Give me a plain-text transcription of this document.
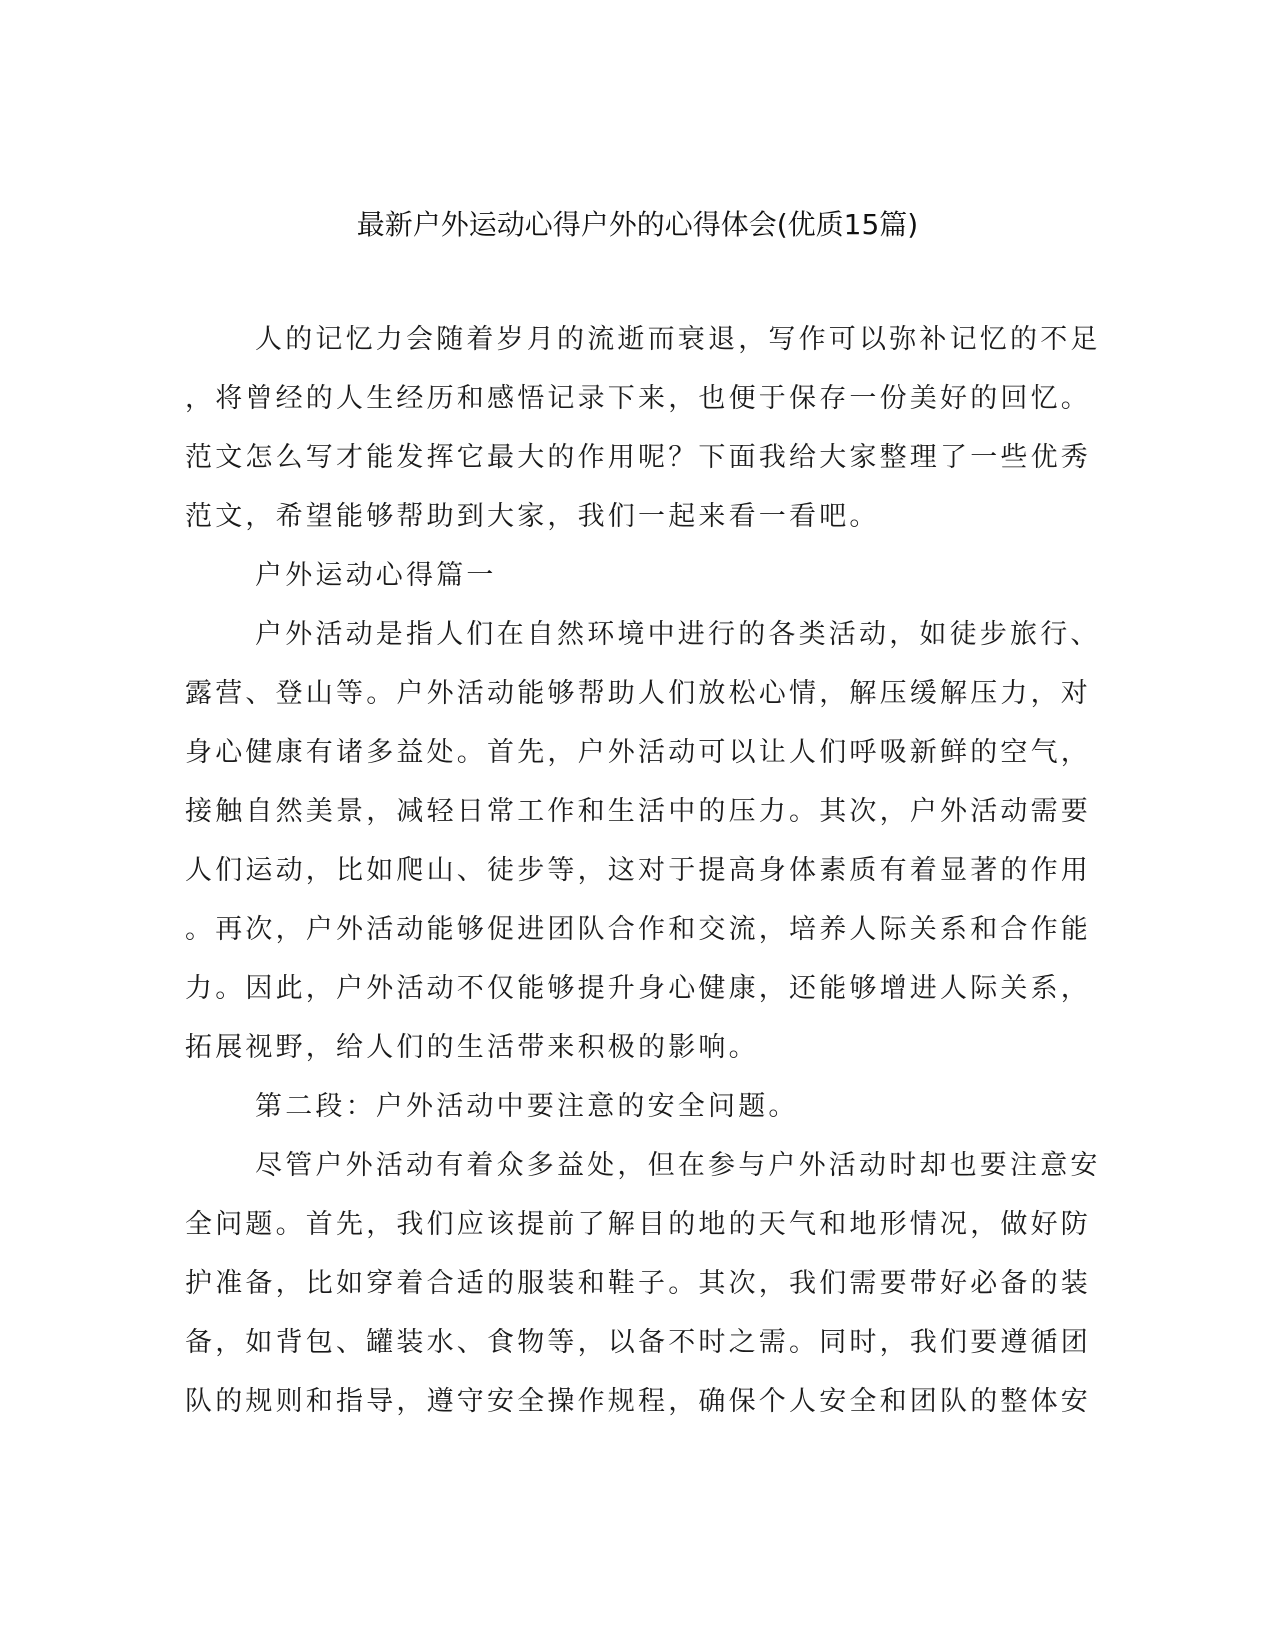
最新户外运动心得户外的心得体会(优质15篇)
人的记忆力会随着岁月的流逝而衰退，写作可以弥补记忆的不足
，将曾经的人生经历和感悟记录下来，也便于保存一份美好的回忆。
范文怎么写才能发挥它最大的作用呢？下面我给大家整理了一些优秀
范文，希望能够帮助到大家，我们一起来看一看吧。
户外运动心得篇一
户外活动是指人们在自然环境中进行的各类活动，如徒步旅行、
露营、登山等。户外活动能够帮助人们放松心情，解压缓解压力，对
身心健康有诸多益处。首先，户外活动可以让人们呼吸新鲜的空气，
接触自然美景，减轻日常工作和生活中的压力。其次，户外活动需要
人们运动，比如爬山、徒步等，这对于提高身体素质有着显著的作用
。再次，户外活动能够促进团队合作和交流，培养人际关系和合作能
力。因此，户外活动不仅能够提升身心健康，还能够增进人际关系，
拓展视野，给人们的生活带来积极的影响。
第二段：户外活动中要注意的安全问题。
尽管户外活动有着众多益处，但在参与户外活动时却也要注意安
全问题。首先，我们应该提前了解目的地的天气和地形情况，做好防
护准备，比如穿着合适的服装和鞋子。其次，我们需要带好必备的装
备，如背包、罐装水、食物等，以备不时之需。同时，我们要遵循团
队的规则和指导，遵守安全操作规程，确保个人安全和团队的整体安
